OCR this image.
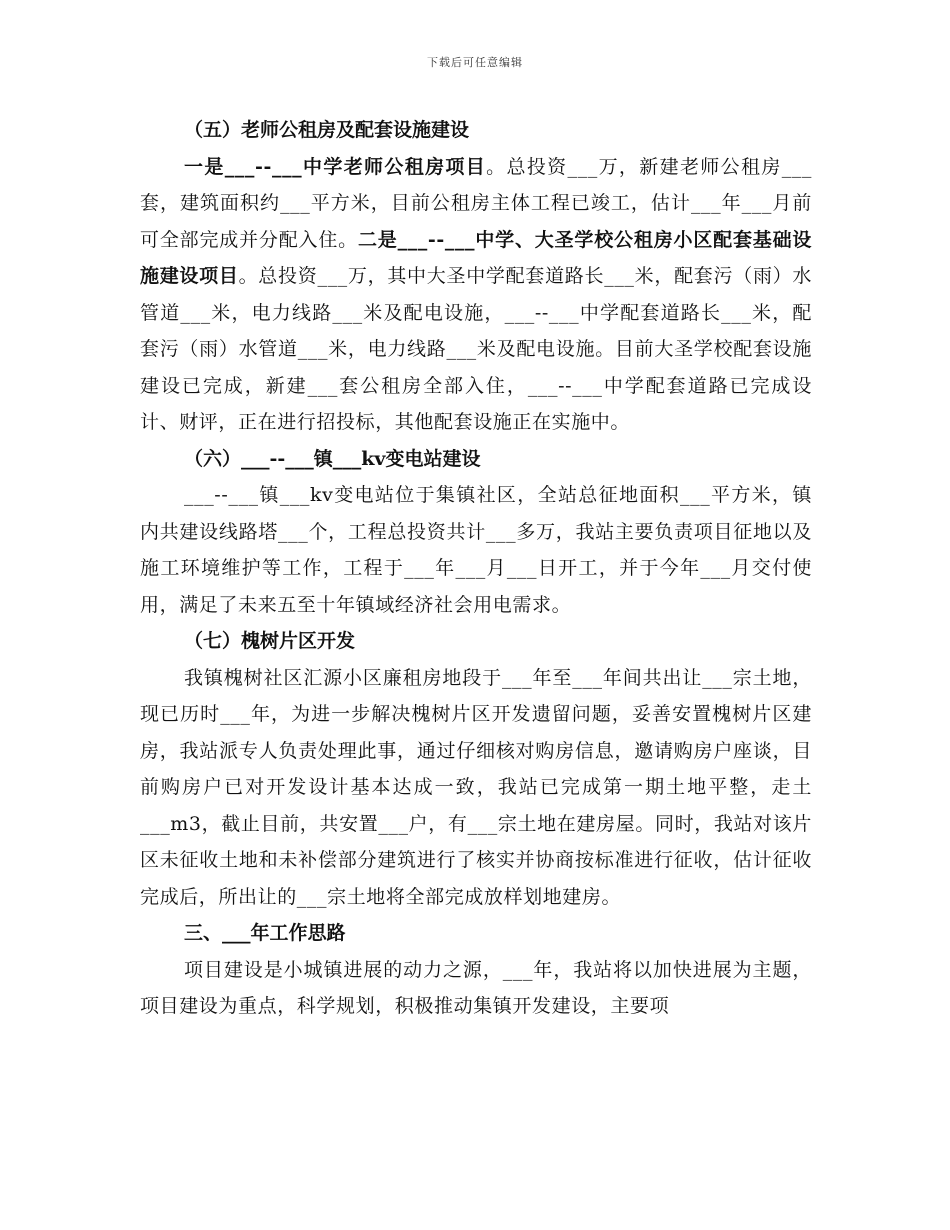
下载后可任意编辑
（五）老师公租房及配套设施建设

一是___--___中学老师公租房项目。总投资___万，新建老师公租房___套，建筑面积约___平方米，目前公租房主体工程已竣工，估计___年___月前可全部完成并分配入住。二是___--___中学、大圣学校公租房小区配套基础设施建设项目。总投资___万，其中大圣中学配套道路长___米，配套污（雨）水管道___米，电力线路___米及配电设施，___--___中学配套道路长___米，配套污（雨）水管道___米，电力线路___米及配电设施。目前大圣学校配套设施建设已完成，新建___套公租房全部入住，___--___中学配套道路已完成设计、财评，正在进行招投标，其他配套设施正在实施中。

（六）___--___镇___kv变电站建设

___--___镇___kv变电站位于集镇社区，全站总征地面积___平方米，镇内共建设线路塔___个，工程总投资共计___多万，我站主要负责项目征地以及施工环境维护等工作，工程于___年___月___日开工，并于今年___月交付使用，满足了未来五至十年镇域经济社会用电需求。

（七）槐树片区开发

我镇槐树社区汇源小区廉租房地段于___年至___年间共出让___宗土地，现已历时___年，为进一步解决槐树片区开发遗留问题，妥善安置槐树片区建房，我站派专人负责处理此事，通过仔细核对购房信息，邀请购房户座谈，目前购房户已对开发设计基本达成一致，我站已完成第一期土地平整，走土___m3，截止目前，共安置___户，有___宗土地在建房屋。同时，我站对该片区未征收土地和未补偿部分建筑进行了核实并协商按标准进行征收，估计征收完成后，所出让的___宗土地将全部完成放样划地建房。

三、___年工作思路

项目建设是小城镇进展的动力之源，___年，我站将以加快进展为主题，项目建设为重点，科学规划，积极推动集镇开发建设，主要项
